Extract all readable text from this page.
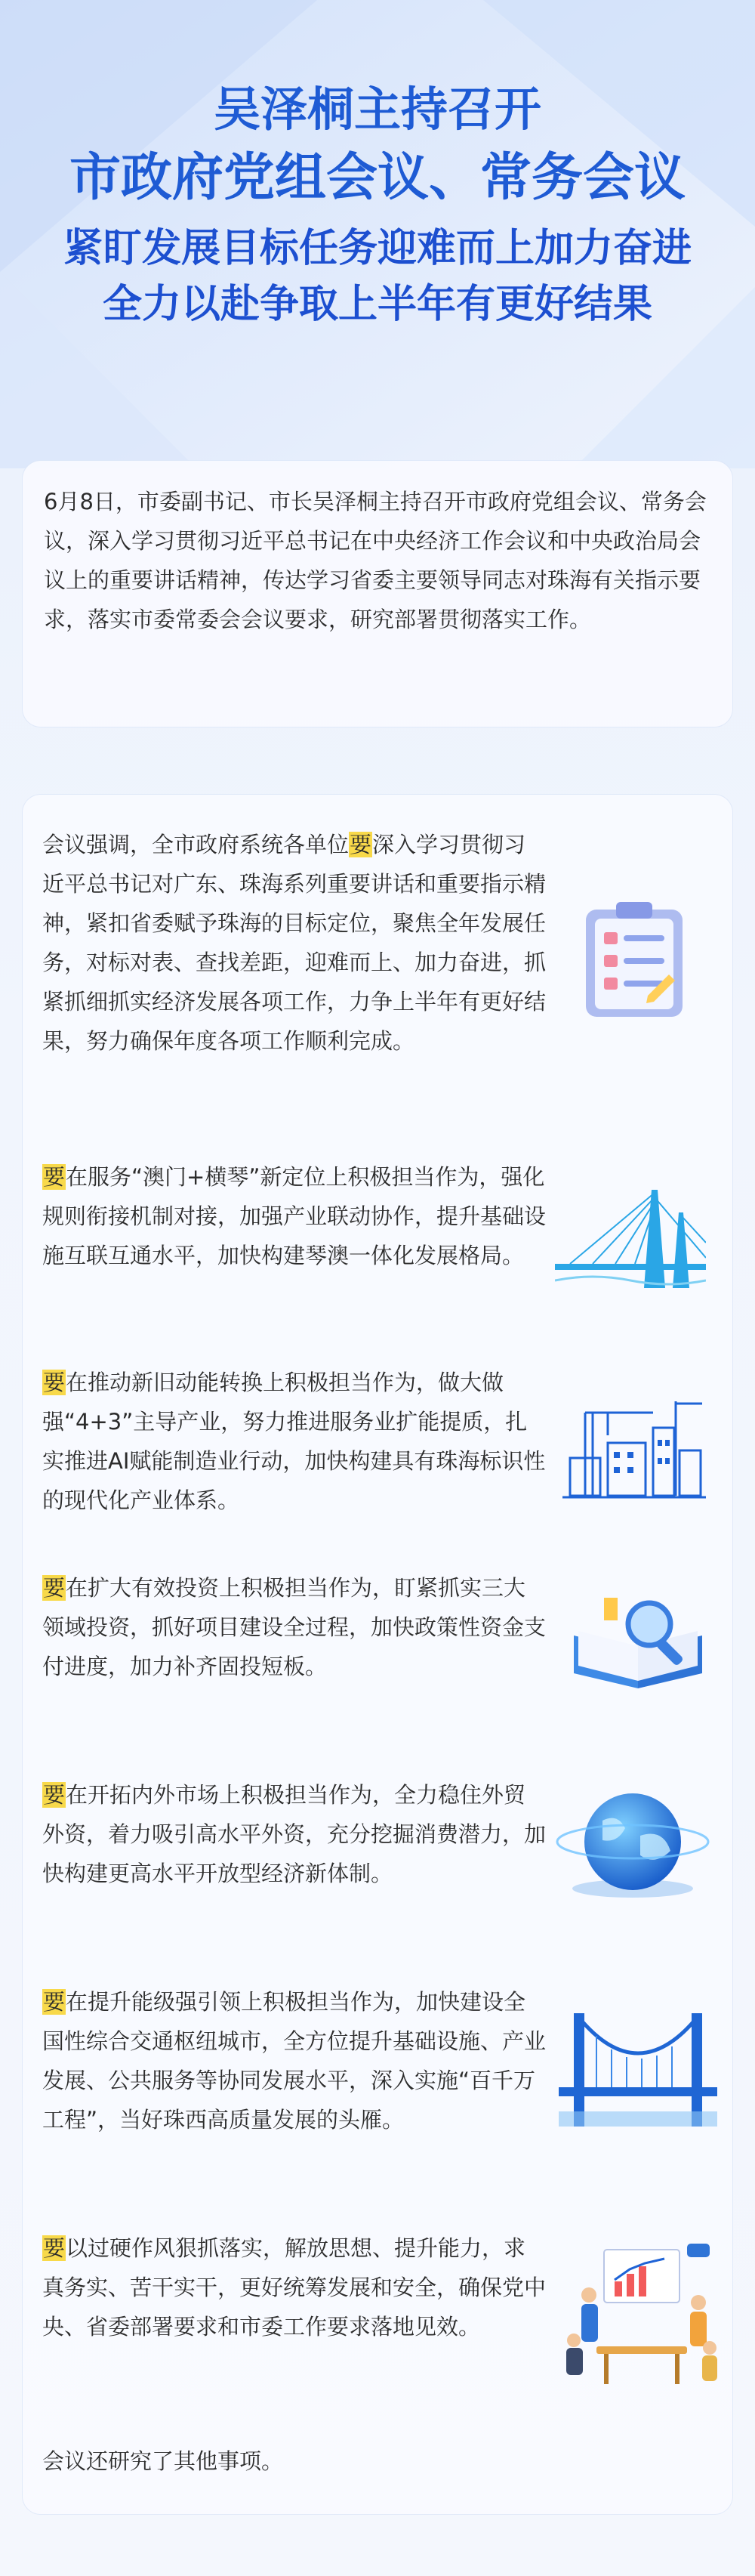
吴泽桐主持召开
市政府党组会议、常务会议
紧盯发展目标任务迎难而上加力奋进
全力以赴争取上半年有更好结果
6月8日，市委副书记、市长吴泽桐主持召开市政府党组会议、常务会议，深入学习贯彻习近平总书记在中央经济工作会议和中央政治局会议上的重要讲话精神，传达学习省委主要领导同志对珠海有关指示要求，落实市委常委会会议要求，研究部署贯彻落实工作。
会议强调，全市政府系统各单位要深入学习贯彻习近平总书记对广东、珠海系列重要讲话和重要指示精神，紧扣省委赋予珠海的目标定位，聚焦全年发展任务，对标对表、查找差距，迎难而上、加力奋进，抓紧抓细抓实经济发展各项工作，力争上半年有更好结果，努力确保年度各项工作顺利完成。
要在服务“澳门+横琴”新定位上积极担当作为，强化规则衔接机制对接，加强产业联动协作，提升基础设施互联互通水平，加快构建琴澳一体化发展格局。
要在推动新旧动能转换上积极担当作为，做大做强“4+3”主导产业，努力推进服务业扩能提质，扎实推进AI赋能制造业行动，加快构建具有珠海标识性的现代化产业体系。
要在扩大有效投资上积极担当作为，盯紧抓实三大领域投资，抓好项目建设全过程，加快政策性资金支付进度，加力补齐固投短板。
要在开拓内外市场上积极担当作为，全力稳住外贸外资，着力吸引高水平外资，充分挖掘消费潜力，加快构建更高水平开放型经济新体制。
要在提升能级强引领上积极担当作为，加快建设全国性综合交通枢纽城市，全方位提升基础设施、产业发展、公共服务等协同发展水平，深入实施“百千万工程”，当好珠西高质量发展的头雁。
要以过硬作风狠抓落实，解放思想、提升能力，求真务实、苦干实干，更好统筹发展和安全，确保党中央、省委部署要求和市委工作要求落地见效。
会议还研究了其他事项。
